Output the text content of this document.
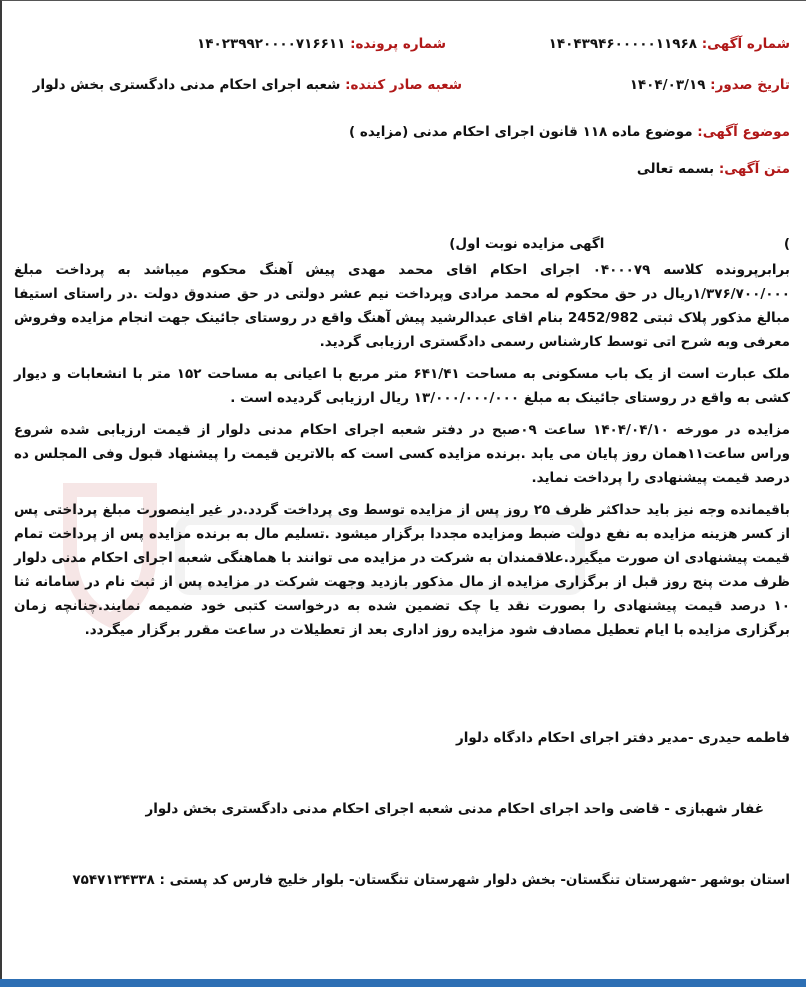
شماره آگهی: ۱۴۰۴۳۹۴۶۰۰۰۰۰۱۱۹۶۸
شماره پرونده: ۱۴۰۲۳۹۹۲۰۰۰۰۷۱۶۶۱۱
تاریخ صدور: ۱۴۰۴/۰۳/۱۹
شعبه صادر کننده: شعبه اجرای احکام مدنی دادگستری بخش دلوار
موضوع آگهی: موضوع ماده ۱۱۸ قانون اجرای احکام مدنی (مزایده )
متن آگهی: بسمه تعالی
)  اگهی مزایده نوبت اول)

برابرپرونده کلاسه ۰۴۰۰۰۷۹ اجرای احکام اقای محمد مهدی پیش آهنگ محکوم میباشد به پرداخت مبلغ ۱/۳۷۶/۷۰۰/۰۰۰ریال در حق محکوم له محمد مرادی وپرداخت نیم عشر دولتی در حق صندوق دولت .در راستای استیفا مبالغ مذکور پلاک ثبتی 2452/982 بنام اقای عبدالرشید پیش آهنگ واقع در روستای جائینک جهت انجام مزایده وفروش معرفی وبه شرح اتی توسط کارشناس رسمی دادگستری ارزیابی گردید.

ملک عبارت است از یک باب مسکونی به مساحت ۶۴۱/۴۱ متر مربع با اعیانی به مساحت ۱۵۲ متر با انشعابات و دیوار کشی به واقع در روستای جائینک به مبلغ ۱۳/۰۰۰/۰۰۰/۰۰۰ ریال ارزیابی گردیده است .

مزایده در مورخه ۱۴۰۴/۰۴/۱۰ ساعت ۰۹صبح در دفتر شعبه اجرای احکام مدنی دلوار از قیمت ارزیابی شده شروع وراس ساعت۱۱همان روز پایان می یابد .برنده مزایده کسی است که بالاترین قیمت را پیشنهاد قبول وفی المجلس ده درصد قیمت پیشنهادی را پرداخت نماید.

باقیمانده وجه نیز باید حداکثر ظرف ۲۵ روز پس از مزایده توسط وی پرداخت گردد.در غیر اینصورت مبلغ پرداختی پس از کسر هزینه مزایده به نفع دولت ضبط ومزایده مجددا برگزار میشود .تسلیم مال به برنده مزایده پس از پرداخت تمام قیمت پیشنهادی ان صورت میگیرد.علاقمندان به شرکت در مزایده می توانند با هماهنگی شعبه اجرای احکام مدنی دلوار ظرف مدت پنج روز قبل از برگزاری مزایده از مال مذکور بازدید وجهت شرکت در مزایده پس از ثبت نام در سامانه ثنا ۱۰ درصد قیمت پیشنهادی را بصورت نقد یا چک تضمین شده به درخواست کتبی خود ضمیمه نمایند.چنانچه زمان برگزاری مزایده با ایام تعطیل مصادف شود مزایده روز اداری بعد از تعطیلات در ساعت مقرر برگزار میگردد.

فاطمه حیدری -مدیر دفتر اجرای احکام دادگاه دلوار
غفار شهبازی - قاضی واحد اجرای احکام مدنی شعبه اجرای احکام مدنی دادگستری بخش دلوار
استان بوشهر -شهرستان تنگستان- بخش دلوار شهرستان تنگستان- بلوار خلیج فارس کد پستی : ۷۵۴۷۱۳۴۳۳۸
